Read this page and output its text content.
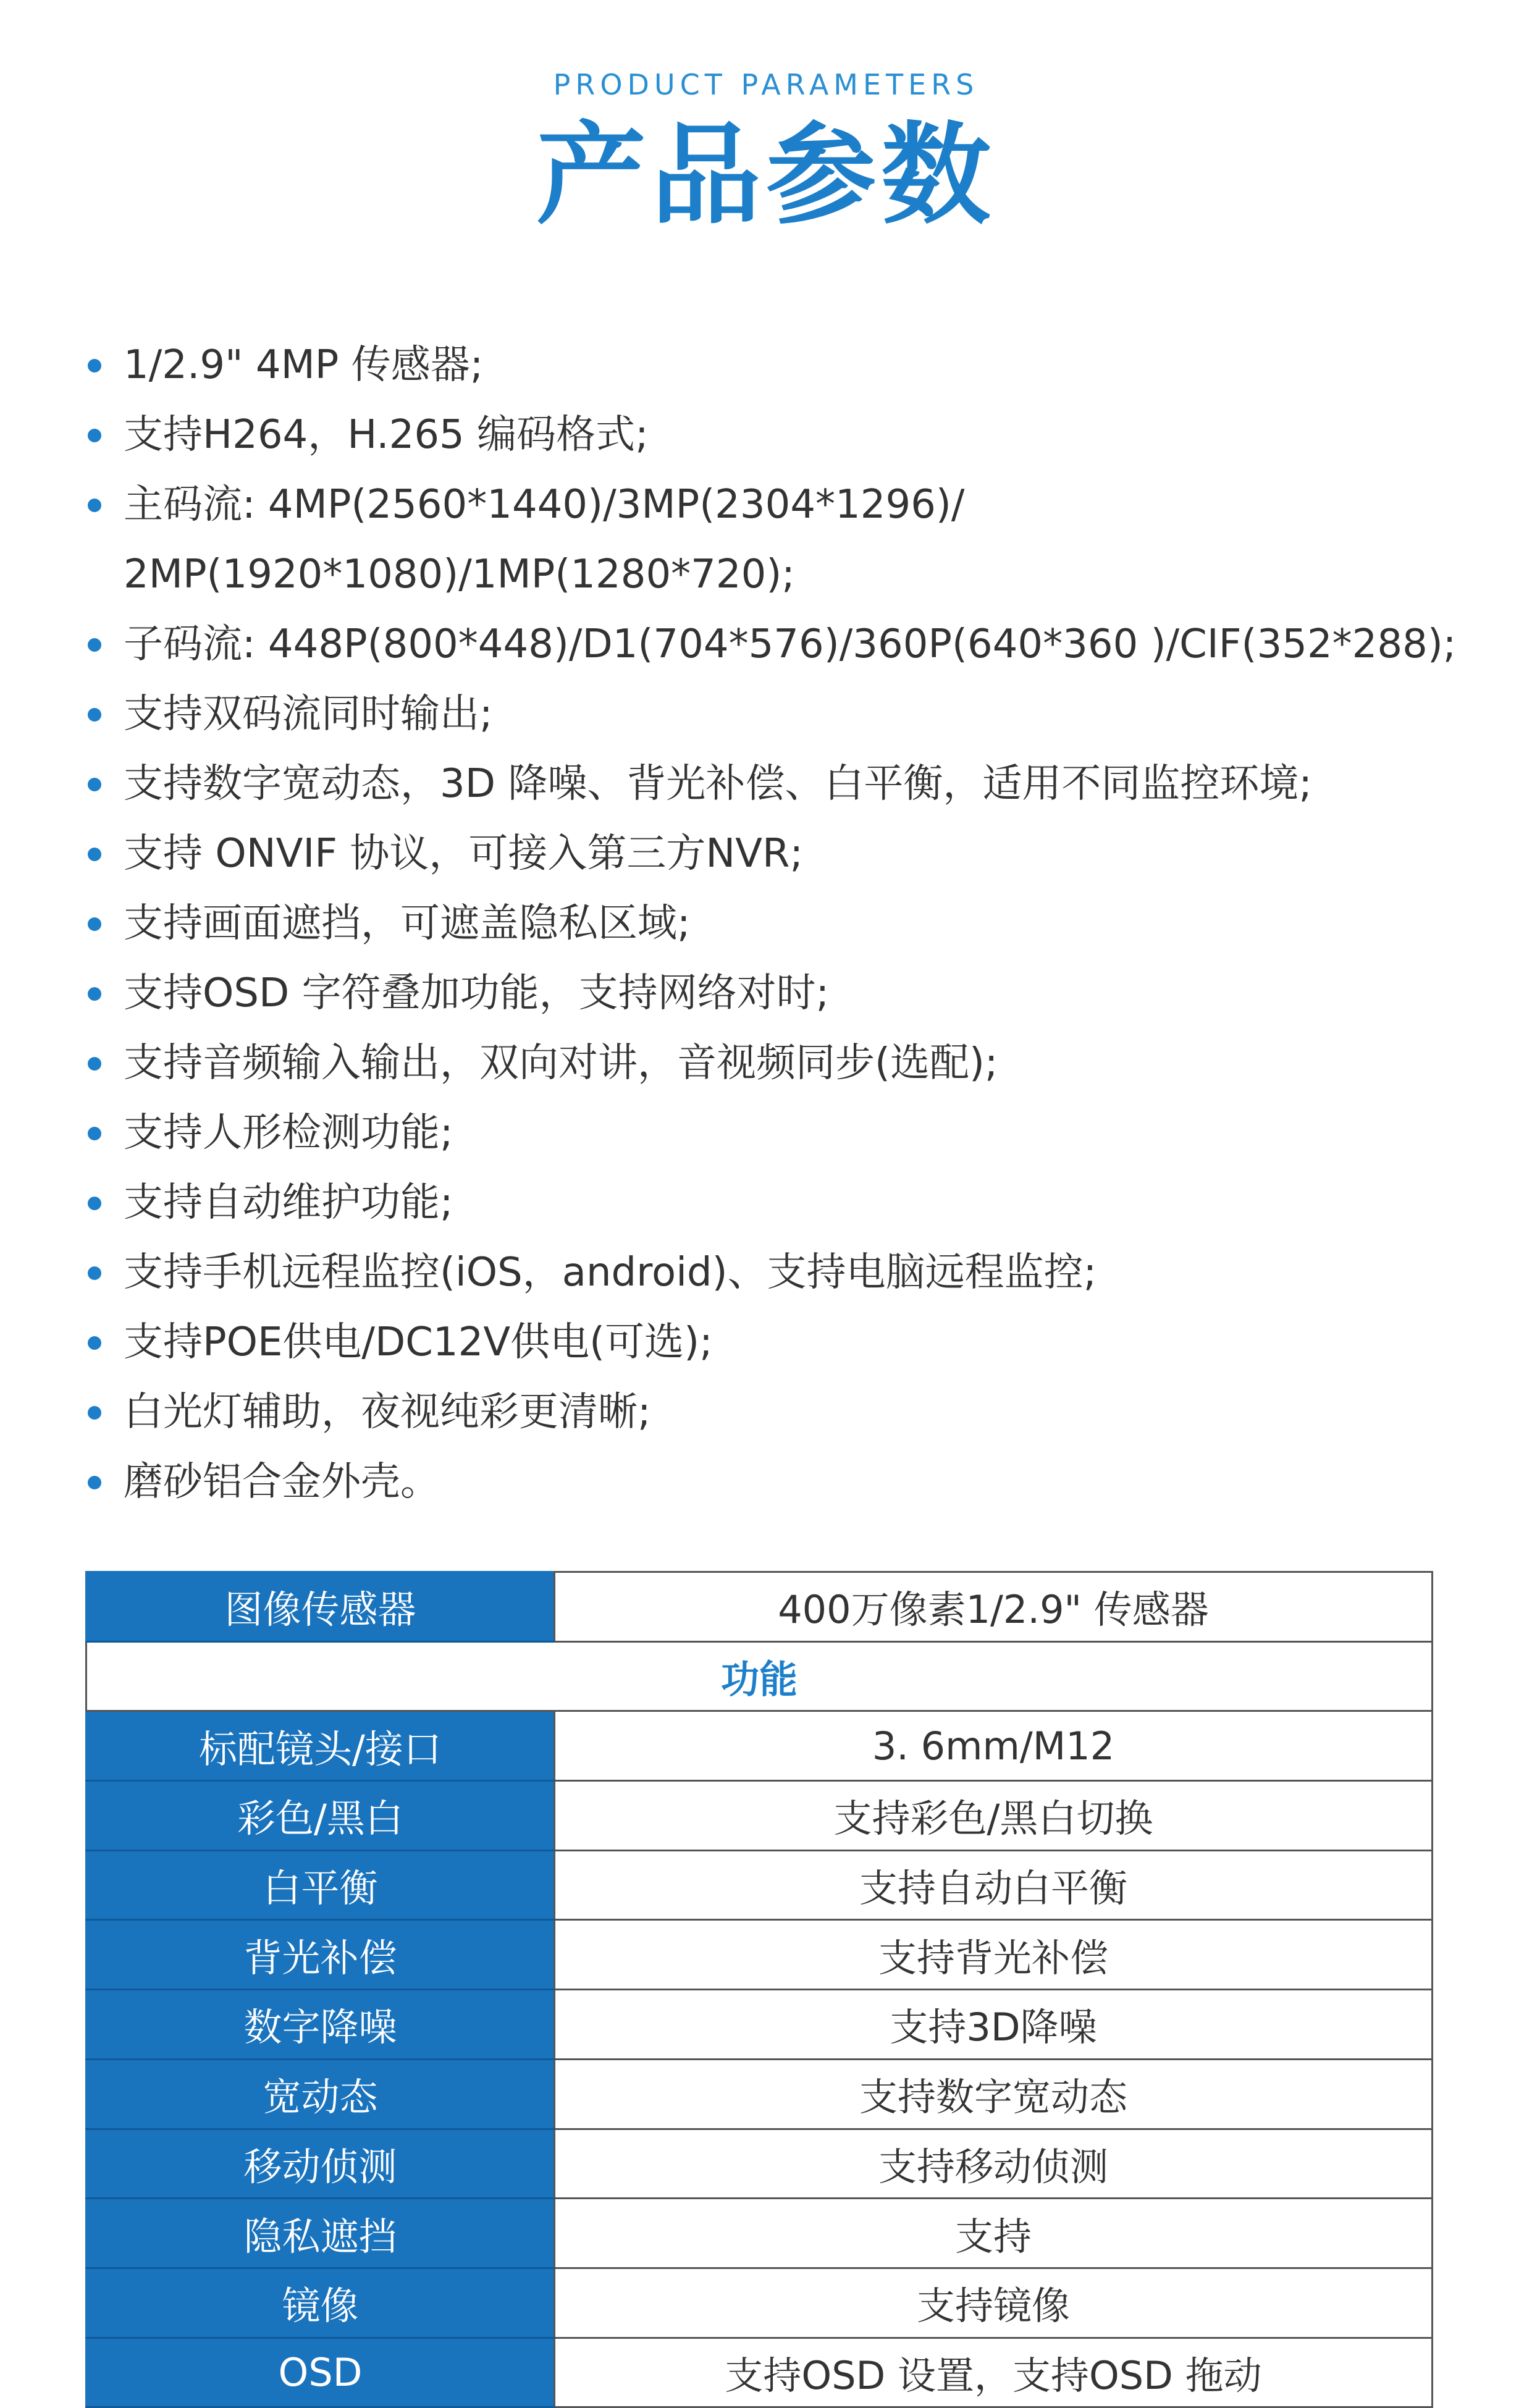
PRODUCT PARAMETERS
产品参数
1/2.9" 4MP 传感器;
支持H264，H.265 编码格式;
主码流: 4MP(2560*1440)/3MP(2304*1296)/
2MP(1920*1080)/1MP(1280*720);
子码流: 448P(800*448)/D1(704*576)/360P(640*360 )/CIF(352*288);
支持双码流同时输出;
支持数字宽动态，3D 降噪、背光补偿、白平衡，适用不同监控环境;
支持 ONVIF 协议，可接入第三方NVR;
支持画面遮挡，可遮盖隐私区域;
支持OSD 字符叠加功能，支持网络对时;
支持音频输入输出，双向对讲，音视频同步(选配);
支持人形检测功能;
支持自动维护功能;
支持手机远程监控(iOS，android)、支持电脑远程监控;
支持POE供电/DC12V供电(可选);
白光灯辅助，夜视纯彩更清晰;
磨砂铝合金外壳。
图像传感器	400万像素1/2.9" 传感器
功能	
标配镜头/接口	3. 6mm/M12
彩色/黑白	支持彩色/黑白切换
白平衡	支持自动白平衡
背光补偿	支持背光补偿
数字降噪	支持3D降噪
宽动态	支持数字宽动态
移动侦测	支持移动侦测
隐私遮挡	支持
镜像	支持镜像
OSD	支持OSD 设置，支持OSD 拖动
